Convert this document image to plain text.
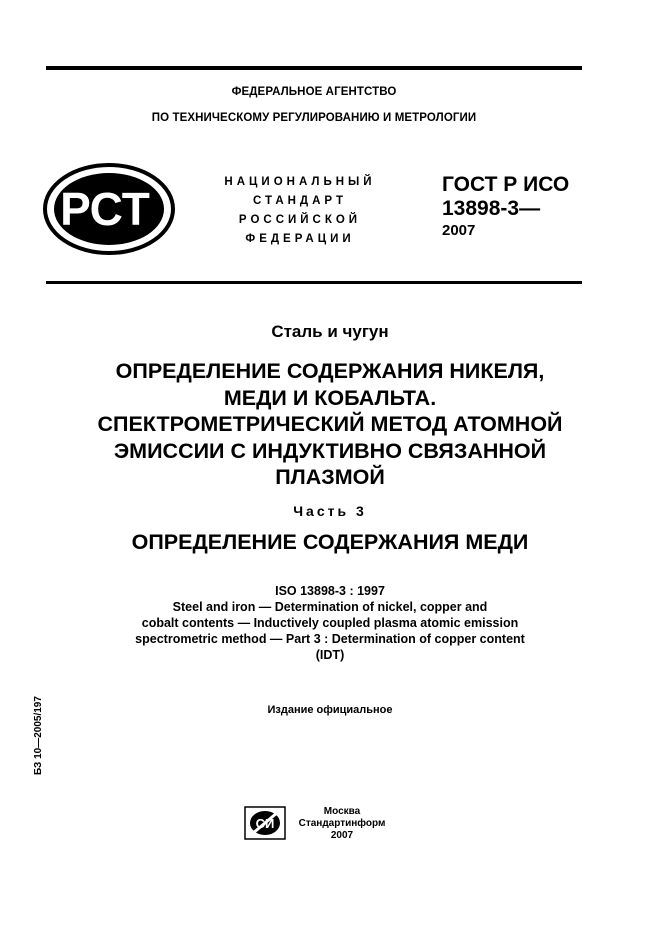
ФЕДЕРАЛЬНОЕ АГЕНТСТВО
ПО ТЕХНИЧЕСКОМУ РЕГУЛИРОВАНИЮ И МЕТРОЛОГИИ
РСТ
НАЦИОНАЛЬНЫЙ
СТАНДАРТ
РОССИЙСКОЙ
ФЕДЕРАЦИИ
ГОСТ Р ИСО
13898-3—
2007
Сталь и чугун
ОПРЕДЕЛЕНИЕ СОДЕРЖАНИЯ НИКЕЛЯ,
МЕДИ И КОБАЛЬТА.
СПЕКТРОМЕТРИЧЕСКИЙ МЕТОД АТОМНОЙ
ЭМИССИИ С ИНДУКТИВНО СВЯЗАННОЙ
ПЛАЗМОЙ
Часть 3
ОПРЕДЕЛЕНИЕ СОДЕРЖАНИЯ МЕДИ
ISO 13898-3 : 1997
Steel and iron — Determination of nickel, copper and
cobalt contents — Inductively coupled plasma atomic emission
spectrometric method — Part 3 : Determination of copper content
(IDT)
Издание официальное
БЗ 10—2005/197
СИ
Москва
Стандартинформ
2007
